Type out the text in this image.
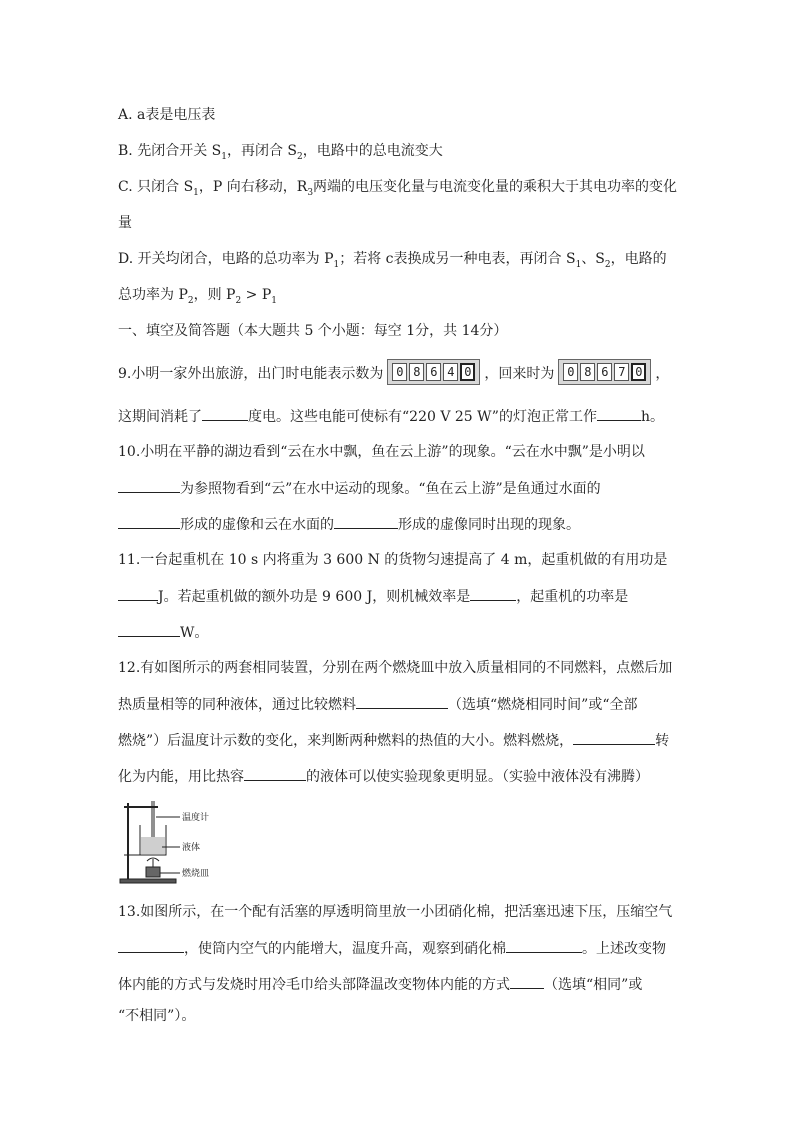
A. a表是电压表
B. 先闭合开关 $S_1$，再闭合 $S_2$，电路中的总电流变大
C. 只闭合 $S_1$，P 向右移动，$R_3$两端的电压变化量与电流变化量的乘积大于其电功率的变化
量
D. 开关均闭合，电路的总功率为 $P_1$；若将 c表换成另一种电表，再闭合 $S_1$、$S_2$，电路的
总功率为 $P_2$，则 $P_2 > P_1$
一、填空及简答题（本大题共 5 个小题：每空 1分，共 14分）
9.小明一家外出旅游，出门时电能表示数为 0 8 6 4 0 ，回来时为 0 8 6 7 0 ，
这期间消耗了	度电。这些电能可使标有“220 V 25 W”的灯泡正常工作	h。
10.小明在平静的湖边看到“云在水中飘，鱼在云上游”的现象。“云在水中飘”是小明以
为参照物看到“云”在水中运动的现象。“鱼在云上游”是鱼通过水面的
形成的虚像和云在水面的	形成的虚像同时出现的现象。
11.一台起重机在 10 s 内将重为 3 600 N 的货物匀速提高了 4 m，起重机做的有用功是
J。若起重机做的额外功是 9 600 J，则机械效率是	，起重机的功率是
W。
12.有如图所示的两套相同装置，分别在两个燃烧皿中放入质量相同的不同燃料，点燃后加
热质量相等的同种液体，通过比较燃料	（选填“燃烧相同时间”或“全部
燃烧”）后温度计示数的变化，来判断两种燃料的热值的大小。燃料燃烧，	转
化为内能，用比热容	的液体可以使实验现象更明显。（实验中液体没有沸腾）
温度计
液体
燃烧皿
13.如图所示，在一个配有活塞的厚透明筒里放一小团硝化棉，把活塞迅速下压，压缩空气
，使筒内空气的内能增大，温度升高，观察到硝化棉	。上述改变物
体内能的方式与发烧时用冷毛巾给头部降温改变物体内能的方式 （选填“相同”或
“不相同”）。
